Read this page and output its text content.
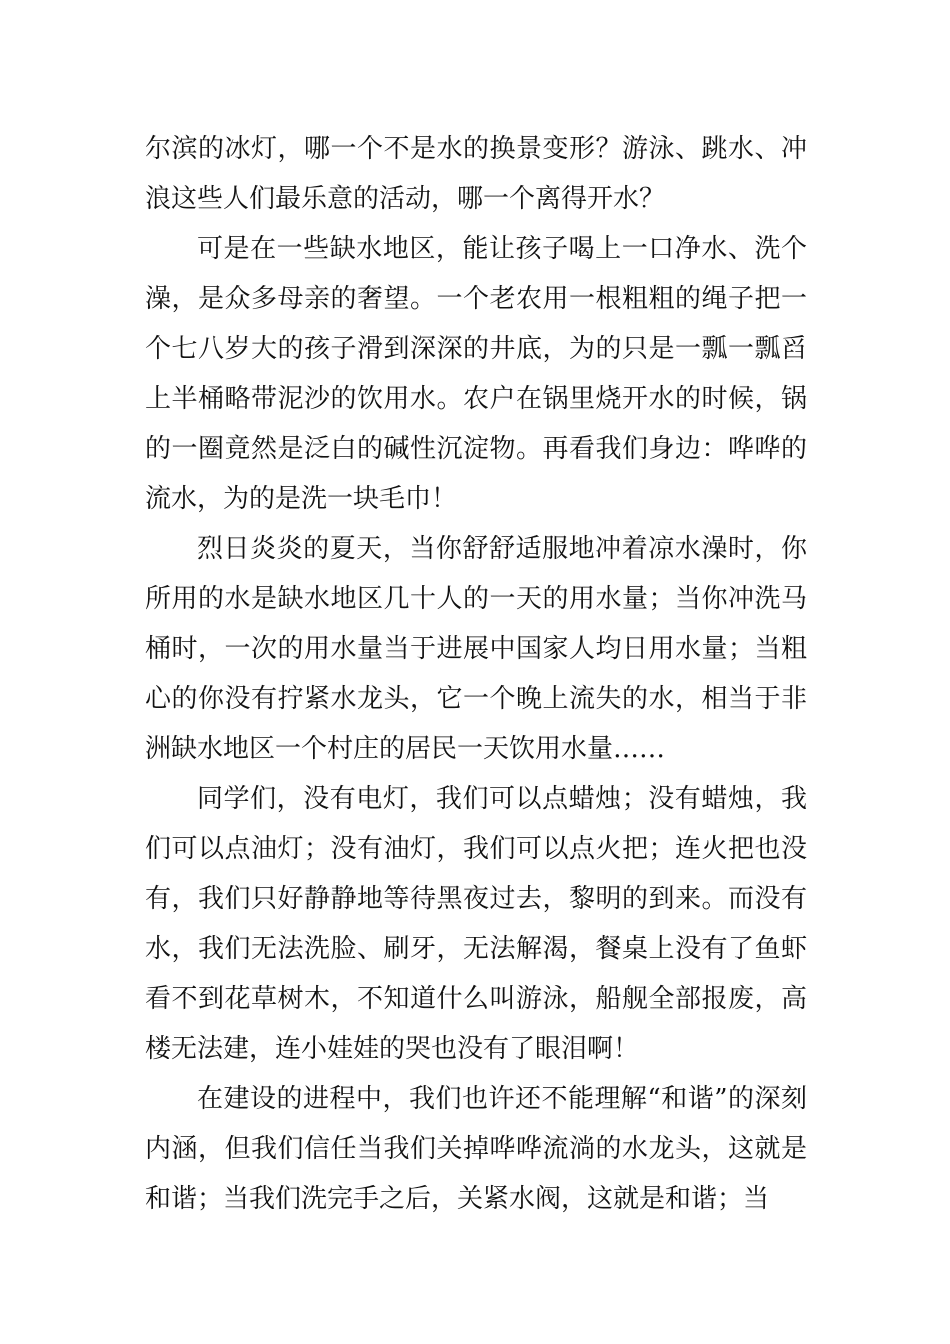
尔滨的冰灯，哪一个不是水的换景变形？游泳、跳水、冲浪这些人们最乐意的活动，哪一个离得开水？

可是在一些缺水地区，能让孩子喝上一口净水、洗个澡，是众多母亲的奢望。一个老农用一根粗粗的绳子把一个七八岁大的孩子滑到深深的井底，为的只是一瓢一瓢舀上半桶略带泥沙的饮用水。农户在锅里烧开水的时候，锅的一圈竟然是泛白的碱性沉淀物。再看我们身边：哗哗的流水，为的是洗一块毛巾！

烈日炎炎的夏天，当你舒舒适服地冲着凉水澡时，你所用的水是缺水地区几十人的一天的用水量；当你冲洗马桶时，一次的用水量当于进展中国家人均日用水量；当粗心的你没有拧紧水龙头，它一个晚上流失的水，相当于非洲缺水地区一个村庄的居民一天饮用水量……

同学们，没有电灯，我们可以点蜡烛；没有蜡烛，我们可以点油灯；没有油灯，我们可以点火把；连火把也没有，我们只好静静地等待黑夜过去，黎明的到来。而没有水，我们无法洗脸、刷牙，无法解渴，餐桌上没有了鱼虾看不到花草树木，不知道什么叫游泳，船舰全部报废，高楼无法建，连小娃娃的哭也没有了眼泪啊！

在建设的进程中，我们也许还不能理解“和谐”的深刻内涵，但我们信任当我们关掉哗哗流淌的水龙头，这就是和谐；当我们洗完手之后，关紧水阀，这就是和谐；当
